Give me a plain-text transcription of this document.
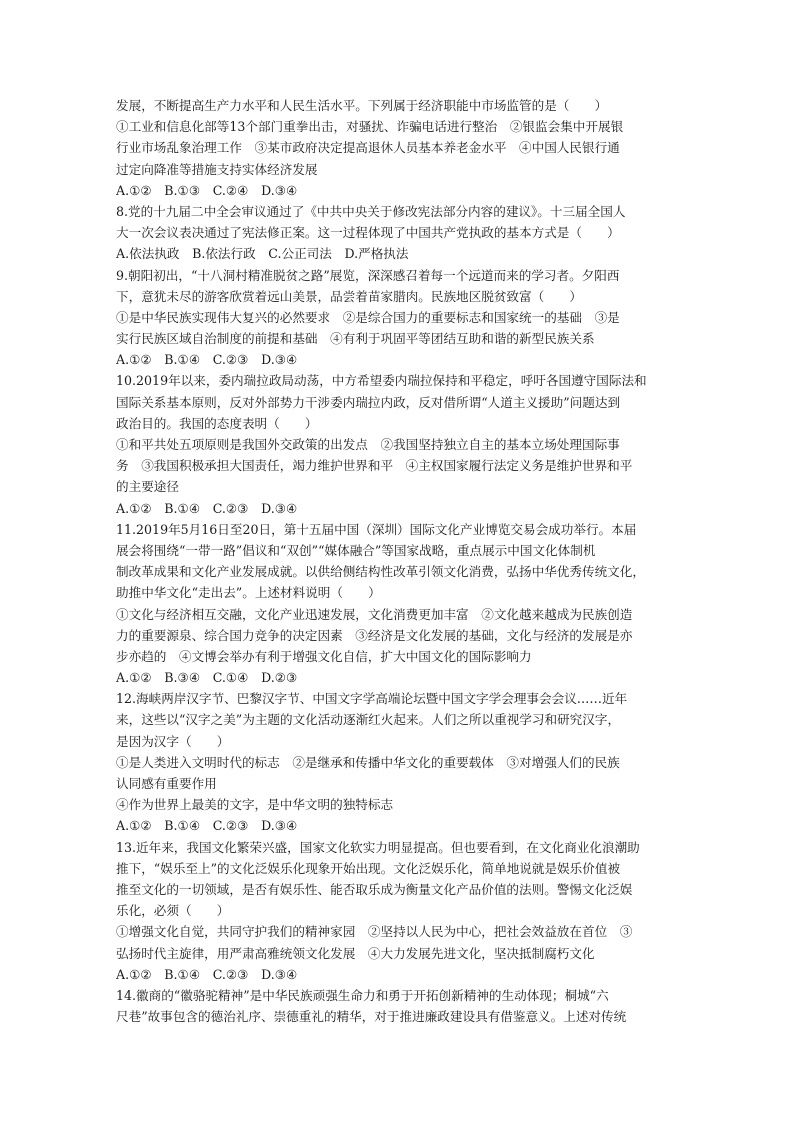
发展，不断提高生产力水平和人民生活水平。下列属于经济职能中市场监管的是（　　）
①工业和信息化部等13个部门重拳出击，对骚扰、诈骗电话进行整治　②银监会集中开展银
行业市场乱象治理工作　③某市政府决定提高退休人员基本养老金水平　④中国人民银行通
过定向降准等措施支持实体经济发展
A.①②　B.①③　C.②④　D.③④
8.党的十九届二中全会审议通过了《中共中央关于修改宪法部分内容的建议》。十三届全国人
大一次会议表决通过了宪法修正案。这一过程体现了中国共产党执政的基本方式是（　　）
A.依法执政　B.依法行政　C.公正司法　D.严格执法
9.朝阳初出，“十八洞村精准脱贫之路”展览，深深感召着每一个远道而来的学习者。夕阳西
下，意犹未尽的游客欣赏着远山美景，品尝着苗家腊肉。民族地区脱贫致富（　　）
①是中华民族实现伟大复兴的必然要求　②是综合国力的重要标志和国家统一的基础　③是
实行民族区域自治制度的前提和基础　④有利于巩固平等团结互助和谐的新型民族关系
A.①②　B.①④　C.②③　D.③④
10.2019年以来，委内瑞拉政局动荡，中方希望委内瑞拉保持和平稳定，呼吁各国遵守国际法和
国际关系基本原则，反对外部势力干涉委内瑞拉内政，反对借所谓“人道主义援助”问题达到
政治目的。我国的态度表明（　　）
①和平共处五项原则是我国外交政策的出发点　②我国坚持独立自主的基本立场处理国际事
务　③我国积极承担大国责任，竭力维护世界和平　④主权国家履行法定义务是维护世界和平
的主要途径
A.①②　B.①④　C.②③　D.③④
11.2019年5月16日至20日，第十五届中国（深圳）国际文化产业博览交易会成功举行。本届
展会将围绕“一带一路”倡议和“双创”“媒体融合”等国家战略，重点展示中国文化体制机
制改革成果和文化产业发展成就。以供给侧结构性改革引领文化消费，弘扬中华优秀传统文化，
助推中华文化“走出去”。上述材料说明（　　）
①文化与经济相互交融，文化产业迅速发展，文化消费更加丰富　②文化越来越成为民族创造
力的重要源泉、综合国力竞争的决定因素　③经济是文化发展的基础，文化与经济的发展是亦
步亦趋的　④文博会举办有利于增强文化自信，扩大中国文化的国际影响力
A.①②　B.③④　C.①④　D.②③
12.海峡两岸汉字节、巴黎汉字节、中国文字学高端论坛暨中国文字学会理事会会议……近年
来，这些以“汉字之美”为主题的文化活动逐渐红火起来。人们之所以重视学习和研究汉字，
是因为汉字（　　）
①是人类进入文明时代的标志　②是继承和传播中华文化的重要载体　③对增强人们的民族
认同感有重要作用
④作为世界上最美的文字，是中华文明的独特标志
A.①②　B.①④　C.②③　D.③④
13.近年来，我国文化繁荣兴盛，国家文化软实力明显提高。但也要看到，在文化商业化浪潮助
推下，“娱乐至上”的文化泛娱乐化现象开始出现。文化泛娱乐化，简单地说就是娱乐价值被
推至文化的一切领域，是否有娱乐性、能否取乐成为衡量文化产品价值的法则。警惕文化泛娱
乐化，必须（　　）
①增强文化自觉，共同守护我们的精神家园　②坚持以人民为中心，把社会效益放在首位　③
弘扬时代主旋律，用严肃高雅统领文化发展　④大力发展先进文化，坚决抵制腐朽文化
A.①②　B.①④　C.②③　D.③④
14.徽商的“徽骆驼精神”是中华民族顽强生命力和勇于开拓创新精神的生动体现；桐城“六
尺巷”故事包含的德治礼序、崇德重礼的精华，对于推进廉政建设具有借鉴意义。上述对传统
